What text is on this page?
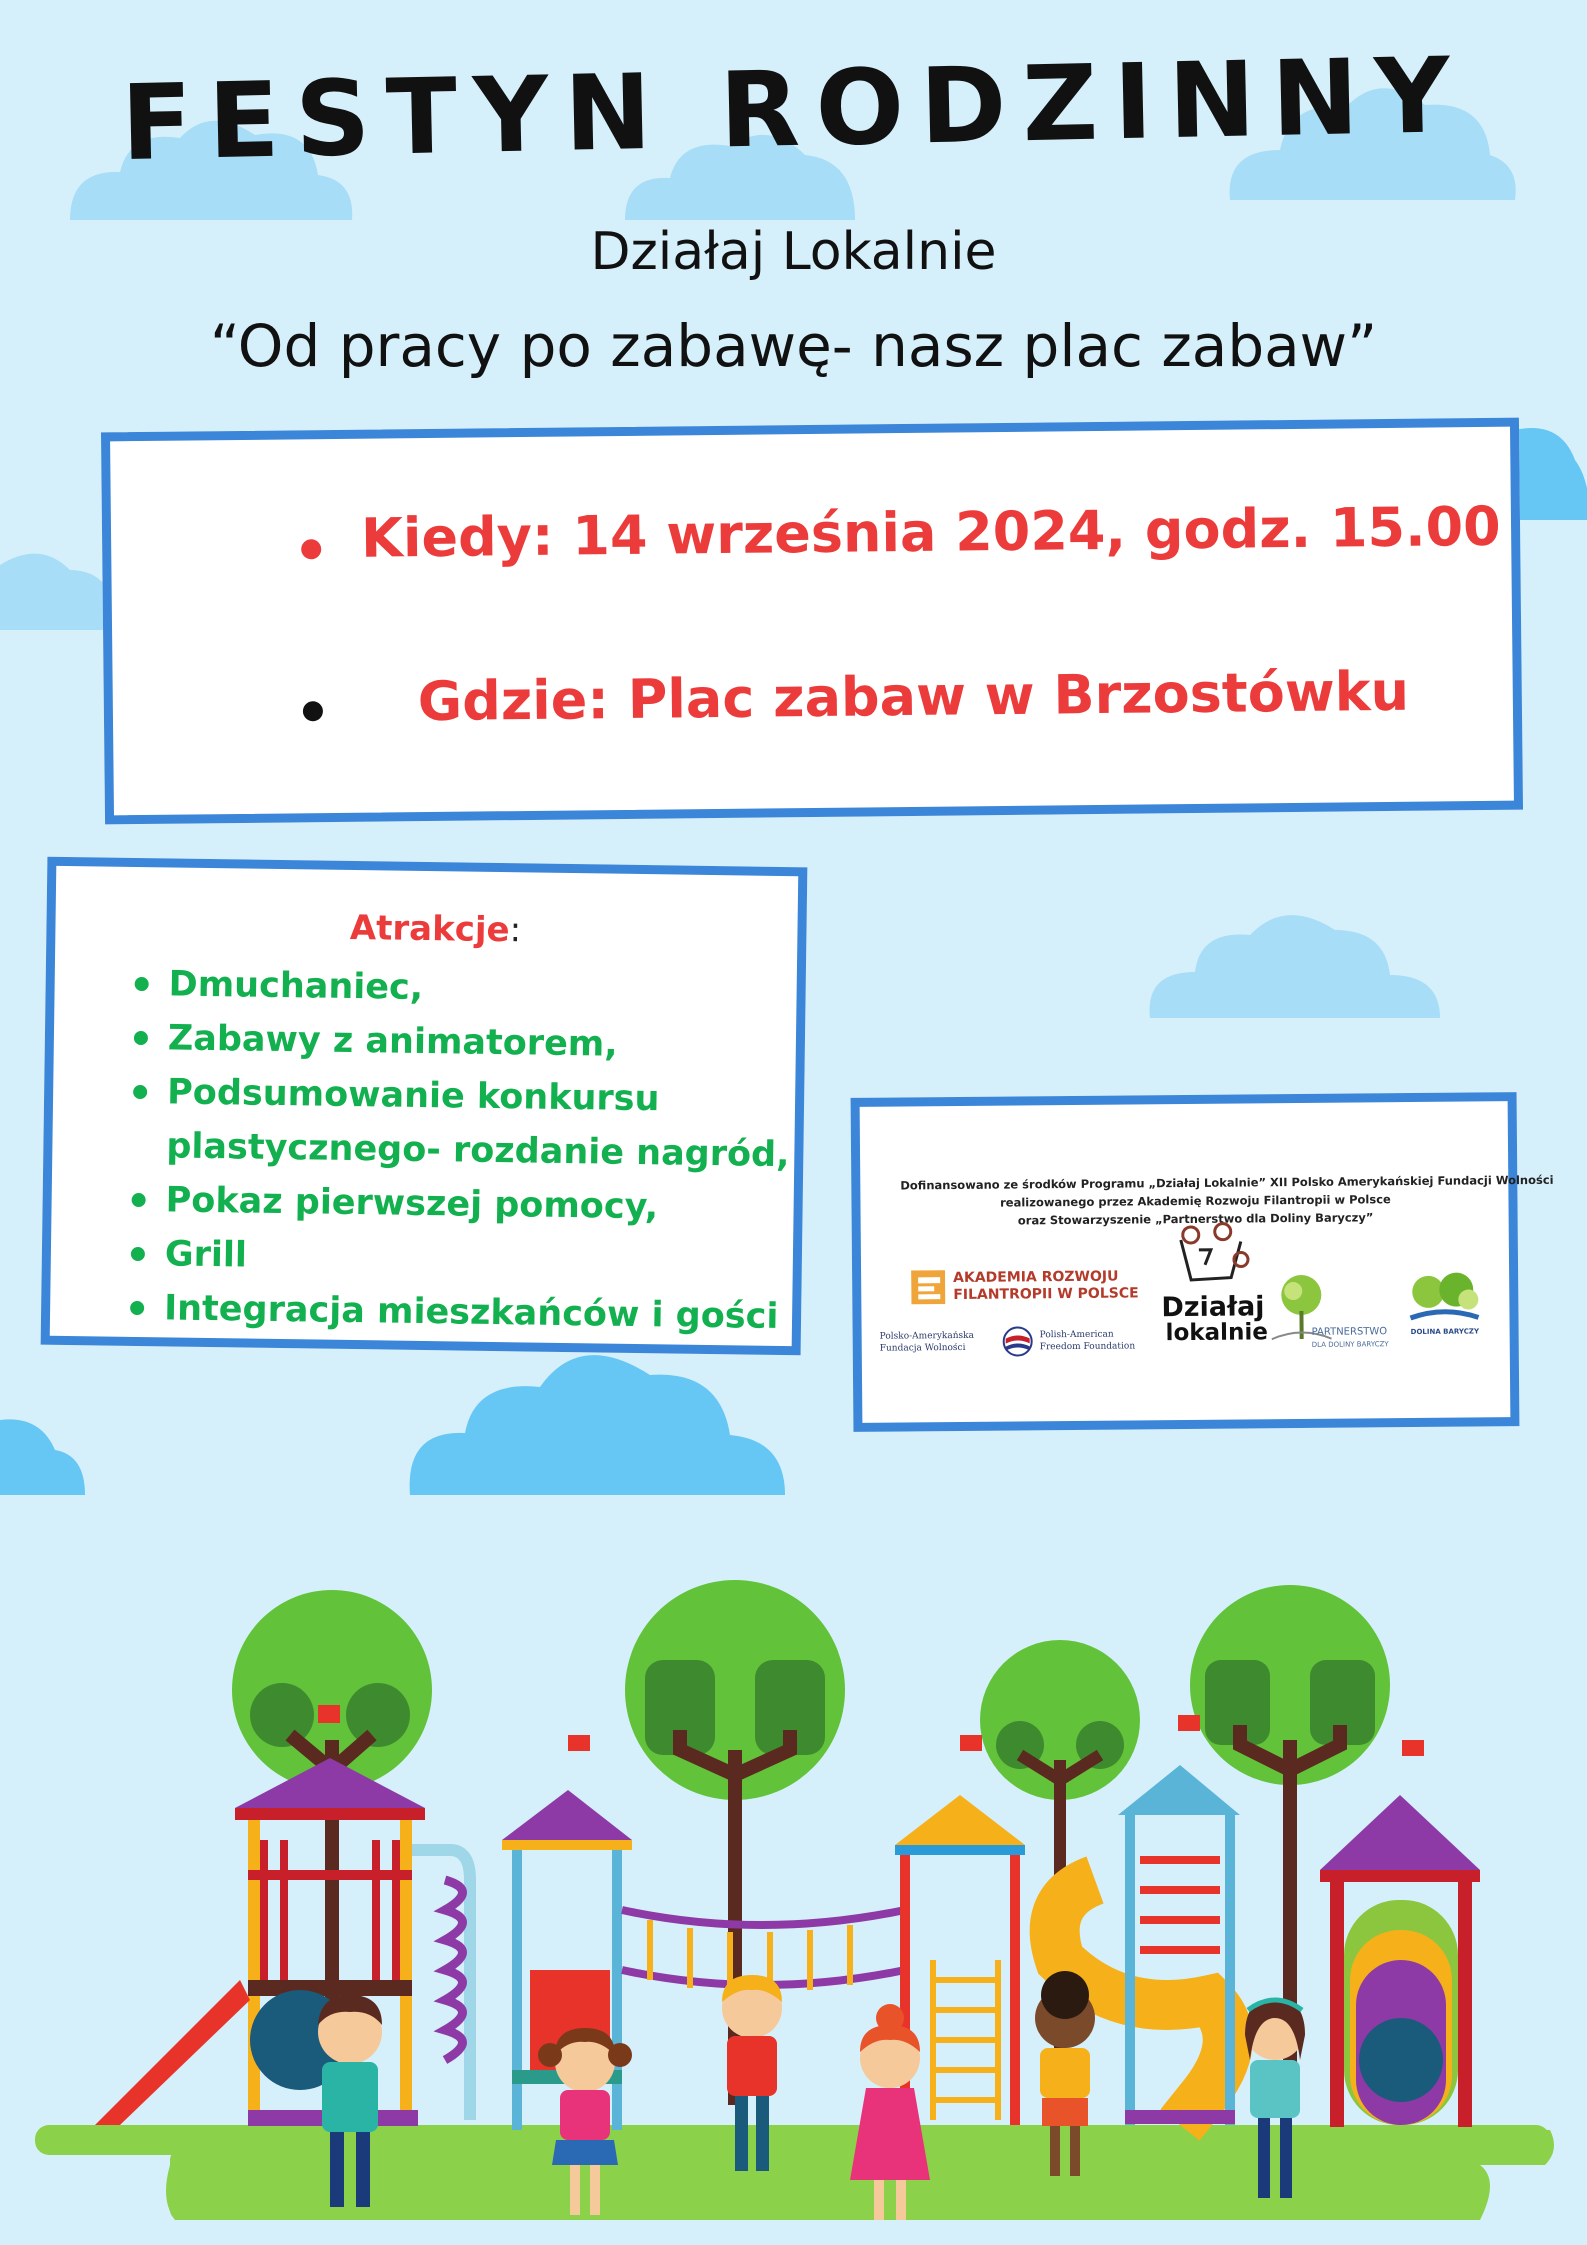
FESTYN RODZINNY
Działaj Lokalnie
“Od pracy po zabawę- nasz plac zabaw”
Kiedy: 14 września 2024, godz. 15.00
Gdzie: Plac zabaw w Brzostówku
Atrakcje:
Dmuchaniec,
Zabawy z animatorem,
Podsumowanie konkursu
plastycznego- rozdanie nagród,
Pokaz pierwszej pomocy,
Grill
Integracja mieszkańców i gości
Dofinansowano ze środków Programu „Działaj Lokalnie” XII Polsko Amerykańskiej Fundacji Wolności
realizowanego przez Akademię Rozwoju Filantropii w Polsce
oraz Stowarzyszenie „Partnerstwo dla Doliny Baryczy”
AKADEMIA ROZWOJU
FILANTROPII W POLSCE Działaj
lokalnie
Polsko-Amerykańska
Fundacja Wolności
Polish-American
Freedom Foundation
PARTNERSTWO
DLA DOLINY BARYCZY
DOLINA BARYCZY
